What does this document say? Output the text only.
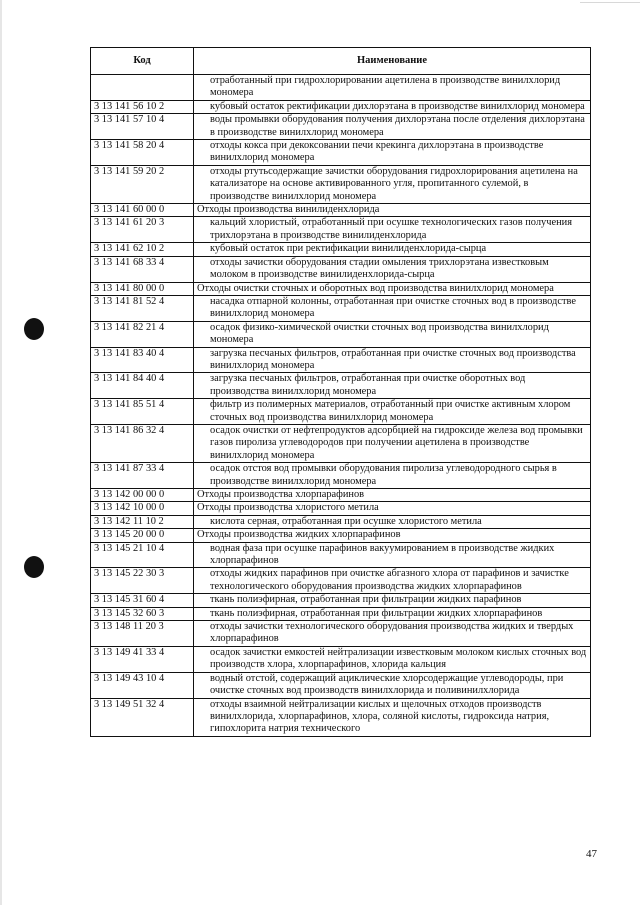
Код	Наименование
	отработанный при гидрохлорировании ацетилена в производстве винилхлорид мономера
3 13 141 56 10 2	кубовый остаток ректификации дихлорэтана в производстве винилхлорид мономера
3 13 141 57 10 4	воды промывки оборудования получения дихлорэтана после отделения дихлорэтана в производстве винилхлорид мономера
3 13 141 58 20 4	отходы кокса при декоксовании печи крекинга дихлорэтана в производстве винилхлорид мономера
3 13 141 59 20 2	отходы ртутьсодержащие зачистки оборудования гидрохлорирования ацетилена на катализаторе на основе активированного угля, пропитанного сулемой, в производстве винилхлорид мономера
3 13 141 60 00 0	Отходы производства винилиденхлорида
3 13 141 61 20 3	кальций хлористый, отработанный при осушке технологических газов получения трихлорэтана в производстве винилиденхлорида
3 13 141 62 10 2	кубовый остаток при ректификации винилиденхлорида-сырца
3 13 141 68 33 4	отходы зачистки оборудования стадии омыления трихлорэтана известковым молоком в производстве винилиденхлорида-сырца
3 13 141 80 00 0	Отходы очистки сточных и оборотных вод производства винилхлорид мономера
3 13 141 81 52 4	насадка отпарной колонны, отработанная при очистке сточных вод в производстве винилхлорид мономера
3 13 141 82 21 4	осадок физико-химической очистки сточных вод производства винилхлорид мономера
3 13 141 83 40 4	загрузка песчаных фильтров, отработанная при очистке сточных вод производства винилхлорид мономера
3 13 141 84 40 4	загрузка песчаных фильтров, отработанная при очистке оборотных вод производства винилхлорид мономера
3 13 141 85 51 4	фильтр из полимерных материалов, отработанный при очистке активным хлором сточных вод производства винилхлорид мономера
3 13 141 86 32 4	осадок очистки от нефтепродуктов адсорбцией на гидроксиде железа вод промывки газов пиролиза углеводородов при получении ацетилена в производстве винилхлорид мономера
3 13 141 87 33 4	осадок отстоя вод промывки оборудования пиролиза углеводородного сырья в производстве винилхлорид мономера
3 13 142 00 00 0	Отходы производства хлорпарафинов
3 13 142 10 00 0	Отходы производства хлористого метила
3 13 142 11 10 2	кислота серная, отработанная при осушке хлористого метила
3 13 145 20 00 0	Отходы производства жидких хлорпарафинов
3 13 145 21 10 4	водная фаза при осушке парафинов вакуумированием в производстве жидких хлорпарафинов
3 13 145 22 30 3	отходы жидких парафинов при очистке абгазного хлора от парафинов и зачистке технологического оборудования производства жидких хлорпарафинов
3 13 145 31 60 4	ткань полиэфирная, отработанная при фильтрации жидких парафинов
3 13 145 32 60 3	ткань полиэфирная, отработанная при фильтрации жидких хлорпарафинов
3 13 148 11 20 3	отходы зачистки технологического оборудования производства жидких и твердых хлорпарафинов
3 13 149 41 33 4	осадок зачистки емкостей нейтрализации известковым молоком кислых сточных вод производств хлора, хлорпарафинов, хлорида кальция
3 13 149 43 10 4	водный отстой, содержащий ациклические хлорсодержащие углеводороды, при очистке сточных вод производств винилхлорида и поливинилхлорида
3 13 149 51 32 4	отходы взаимной нейтрализации кислых и щелочных отходов производств винилхлорида, хлорпарафинов, хлора, соляной кислоты, гидроксида натрия, гипохлорита натрия технического
47
